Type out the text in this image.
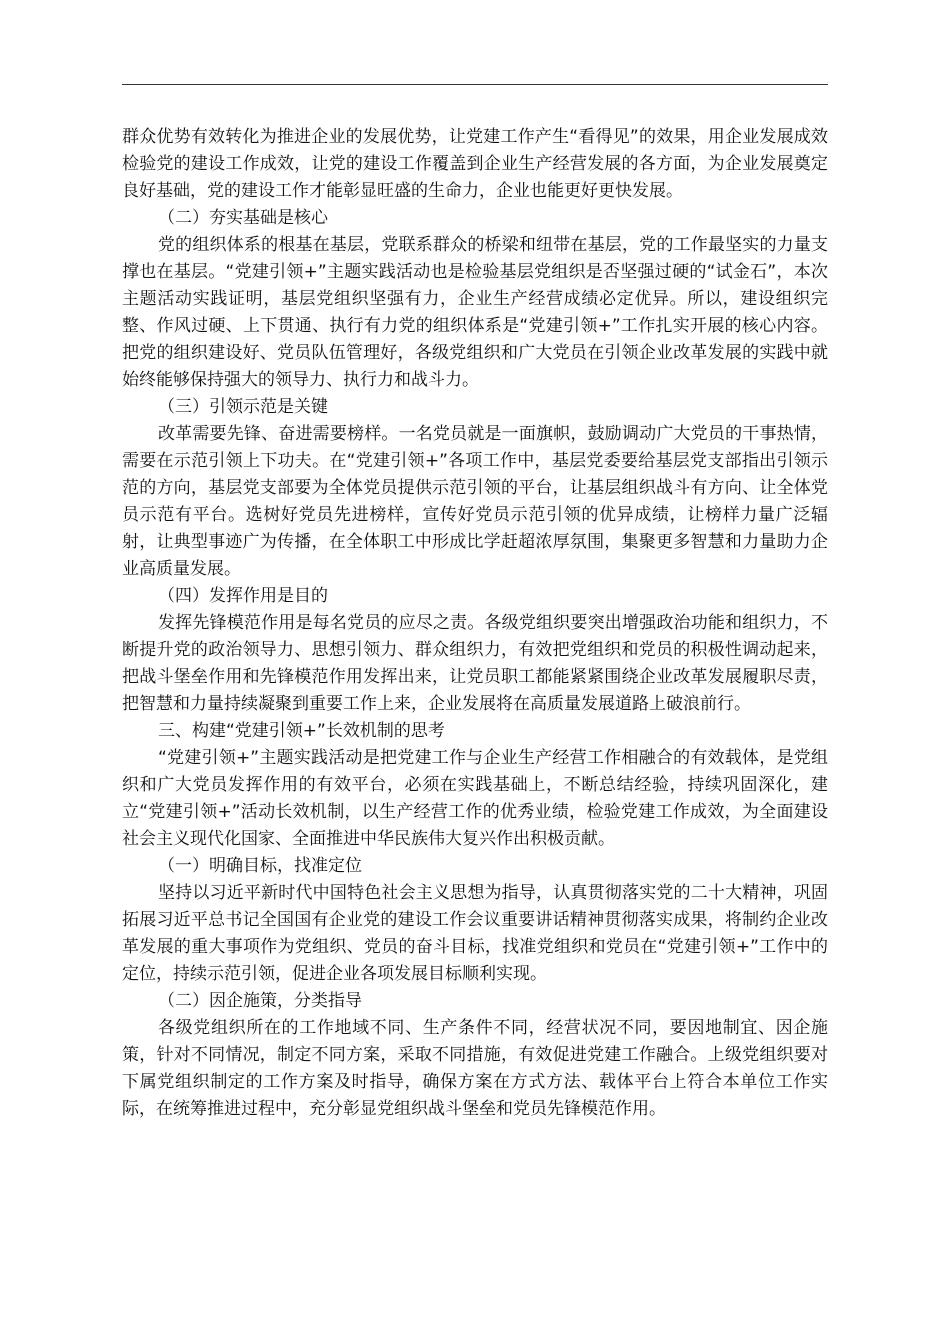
群众优势有效转化为推进企业的发展优势，让党建工作产生“看得见”的效果，用企业发展成效检验党的建设工作成效，让党的建设工作覆盖到企业生产经营发展的各方面，为企业发展奠定良好基础，党的建设工作才能彰显旺盛的生命力，企业也能更好更快发展。

（二）夯实基础是核心

党的组织体系的根基在基层，党联系群众的桥梁和纽带在基层，党的工作最坚实的力量支撑也在基层。“党建引领+”主题实践活动也是检验基层党组织是否坚强过硬的“试金石”，本次主题活动实践证明，基层党组织坚强有力，企业生产经营成绩必定优异。所以，建设组织完整、作风过硬、上下贯通、执行有力党的组织体系是“党建引领+”工作扎实开展的核心内容。把党的组织建设好、党员队伍管理好，各级党组织和广大党员在引领企业改革发展的实践中就始终能够保持强大的领导力、执行力和战斗力。

（三）引领示范是关键

改革需要先锋、奋进需要榜样。一名党员就是一面旗帜，鼓励调动广大党员的干事热情，需要在示范引领上下功夫。在“党建引领+”各项工作中，基层党委要给基层党支部指出引领示范的方向，基层党支部要为全体党员提供示范引领的平台，让基层组织战斗有方向、让全体党员示范有平台。选树好党员先进榜样，宣传好党员示范引领的优异成绩，让榜样力量广泛辐射，让典型事迹广为传播，在全体职工中形成比学赶超浓厚氛围，集聚更多智慧和力量助力企业高质量发展。

（四）发挥作用是目的

发挥先锋模范作用是每名党员的应尽之责。各级党组织要突出增强政治功能和组织力，不断提升党的政治领导力、思想引领力、群众组织力，有效把党组织和党员的积极性调动起来，把战斗堡垒作用和先锋模范作用发挥出来，让党员职工都能紧紧围绕企业改革发展履职尽责，把智慧和力量持续凝聚到重要工作上来，企业发展将在高质量发展道路上破浪前行。

三、构建“党建引领+”长效机制的思考

“党建引领+”主题实践活动是把党建工作与企业生产经营工作相融合的有效载体，是党组织和广大党员发挥作用的有效平台，必须在实践基础上，不断总结经验，持续巩固深化，建立“党建引领+”活动长效机制，以生产经营工作的优秀业绩，检验党建工作成效，为全面建设社会主义现代化国家、全面推进中华民族伟大复兴作出积极贡献。

（一）明确目标，找准定位

坚持以习近平新时代中国特色社会主义思想为指导，认真贯彻落实党的二十大精神，巩固拓展习近平总书记全国国有企业党的建设工作会议重要讲话精神贯彻落实成果，将制约企业改革发展的重大事项作为党组织、党员的奋斗目标，找准党组织和党员在“党建引领+”工作中的定位，持续示范引领，促进企业各项发展目标顺利实现。

（二）因企施策，分类指导

各级党组织所在的工作地域不同、生产条件不同，经营状况不同，要因地制宜、因企施策，针对不同情况，制定不同方案，采取不同措施，有效促进党建工作融合。上级党组织要对下属党组织制定的工作方案及时指导，确保方案在方式方法、载体平台上符合本单位工作实际，在统筹推进过程中，充分彰显党组织战斗堡垒和党员先锋模范作用。
